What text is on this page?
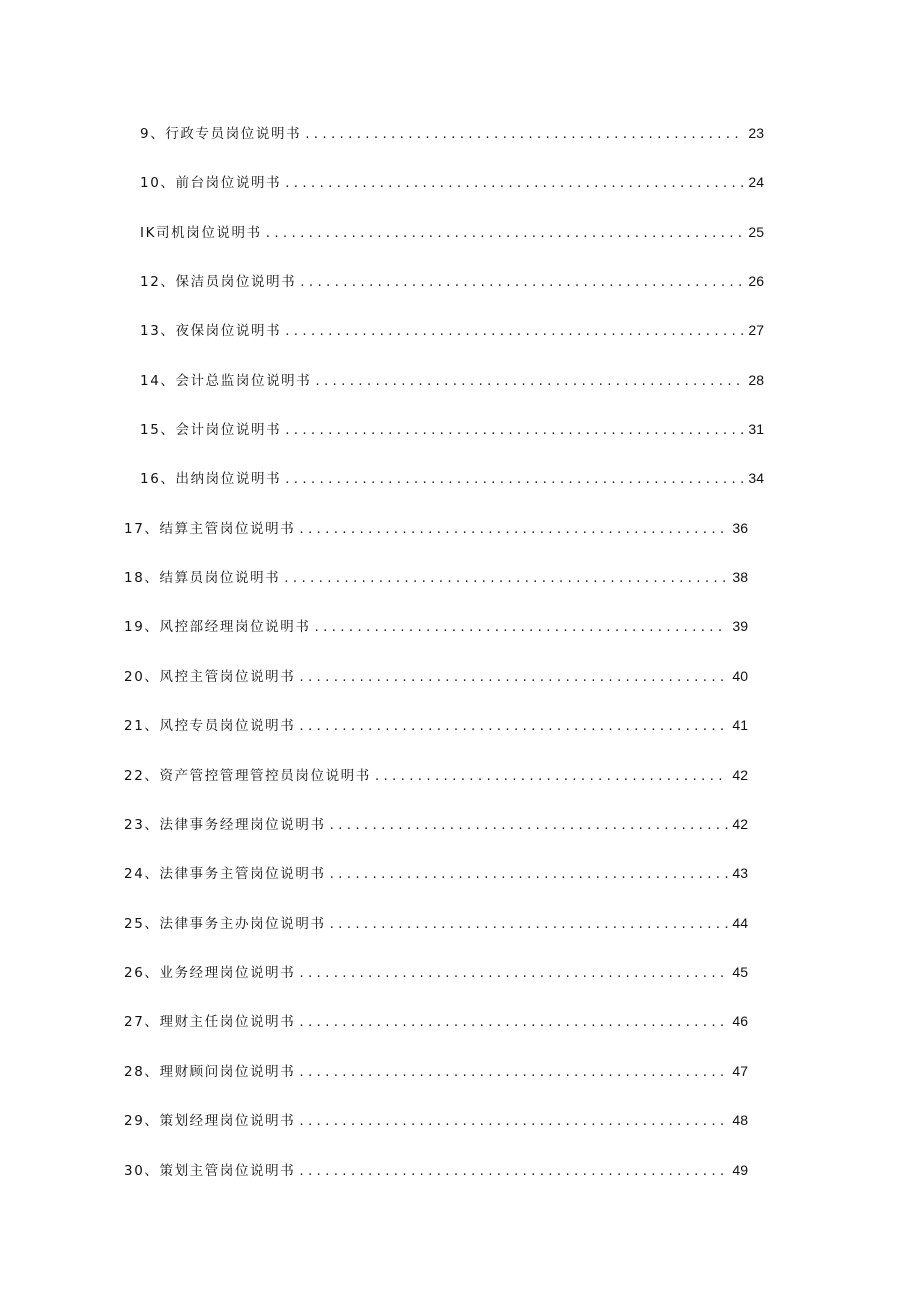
9、行政专员岗位说明书 . . .	23
10、前台岗位说明书 . . .	24
IK司机岗位说明书 . . .	25
12、保洁员岗位说明书 . . .	26
13、夜保岗位说明书 . . .	27
14、会计总监岗位说明书 . . .	28
15、会计岗位说明书 . . .	31
16、出纳岗位说明书 . . .	34
17、结算主管岗位说明书 . . .	36
18、结算员岗位说明书 . . .	38
19、风控部经理岗位说明书 . . .	39
20、风控主管岗位说明书 . . .	40
21、风控专员岗位说明书 . . .	41
22、资产管控管理管控员岗位说明书 . . .	42
23、法律事务经理岗位说明书 . . .	42
24、法律事务主管岗位说明书 . . .	43
25、法律事务主办岗位说明书 . . .	44
26、业务经理岗位说明书 . . .	45
27、理财主任岗位说明书 . . .	46
28、理财顾问岗位说明书 . . .	47
29、策划经理岗位说明书 . . .	48
30、策划主管岗位说明书 . . .	49
